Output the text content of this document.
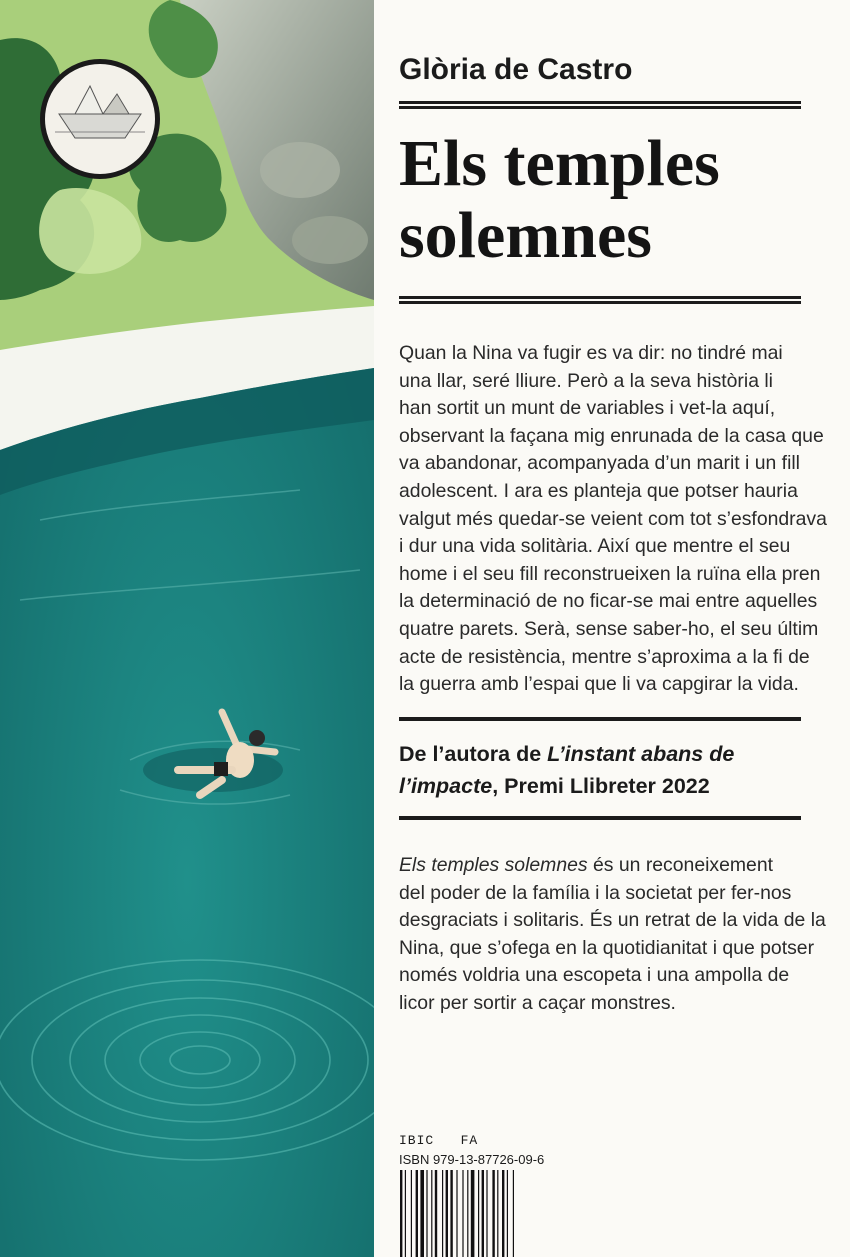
Glòria de Castro
Els temples
solemnes

Quan la Nina va fugir es va dir: no tindré mai
una llar, seré lliure. Però a la seva història li
han sortit un munt de variables i vet-la aquí,
observant la façana mig enrunada de la casa que
va abandonar, acompanyada d’un marit i un fill
adolescent. I ara es planteja que potser hauria
valgut més quedar-se veient com tot s’esfondrava
i dur una vida solitària. Així que mentre el seu
home i el seu fill reconstrueixen la ruïna ella pren
la determinació de no ficar-se mai entre aquelles
quatre parets. Serà, sense saber-ho, el seu últim
acte de resistència, mentre s’aproxima a la fi de
la guerra amb l’espai que li va capgirar la vida.

De l’autora de L’instant abans de
l’impacte, Premi Llibreter 2022

Els temples solemnes és un reconeixement
del poder de la família i la societat per fer-nos
desgraciats i solitaris. És un retrat de la vida de la
Nina, que s’ofega en la quotidianitat i que potser
només voldria una escopeta i una ampolla de
licor per sortir a caçar monstres.

IBIC   FA
ISBN 979-13-87726-09-6
